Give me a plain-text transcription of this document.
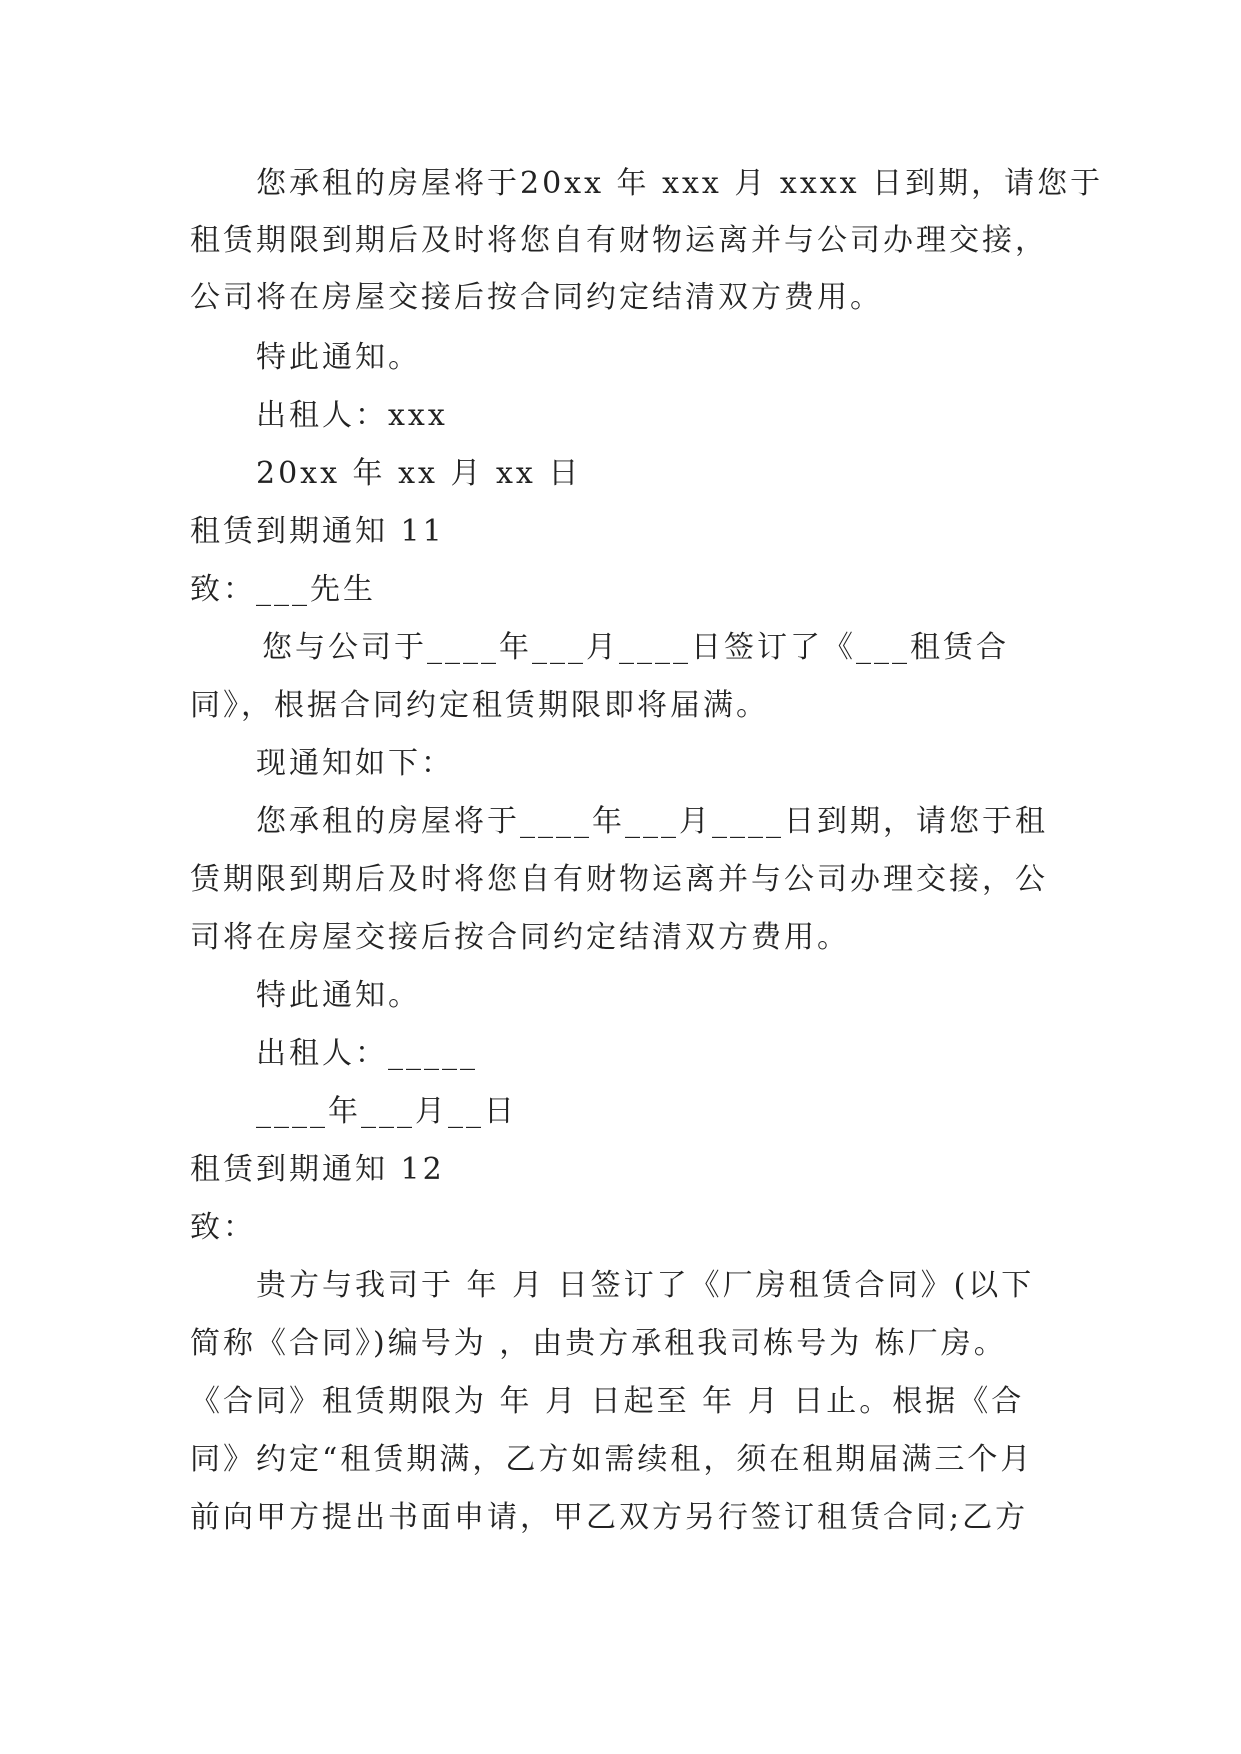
您承租的房屋将于20xx 年 xxx 月 xxxx 日到期，请您于
租赁期限到期后及时将您自有财物运离并与公司办理交接，
公司将在房屋交接后按合同约定结清双方费用。
特此通知。
出租人：xxx
20xx 年 xx 月 xx 日
租赁到期通知 11
致：___先生
您与公司于____年___月____日签订了《___租赁合
同》，根据合同约定租赁期限即将届满。
现通知如下：
您承租的房屋将于____年___月____日到期，请您于租
赁期限到期后及时将您自有财物运离并与公司办理交接，公
司将在房屋交接后按合同约定结清双方费用。
特此通知。
出租人：_____
____年___月__日
租赁到期通知 12
致：
贵方与我司于 年 月 日签订了《厂房租赁合同》(以下
简称《合同》)编号为 ，由贵方承租我司栋号为 栋厂房。
《合同》租赁期限为 年 月 日起至 年 月 日止。根据《合
同》约定“租赁期满，乙方如需续租，须在租期届满三个月
前向甲方提出书面申请，甲乙双方另行签订租赁合同;乙方
